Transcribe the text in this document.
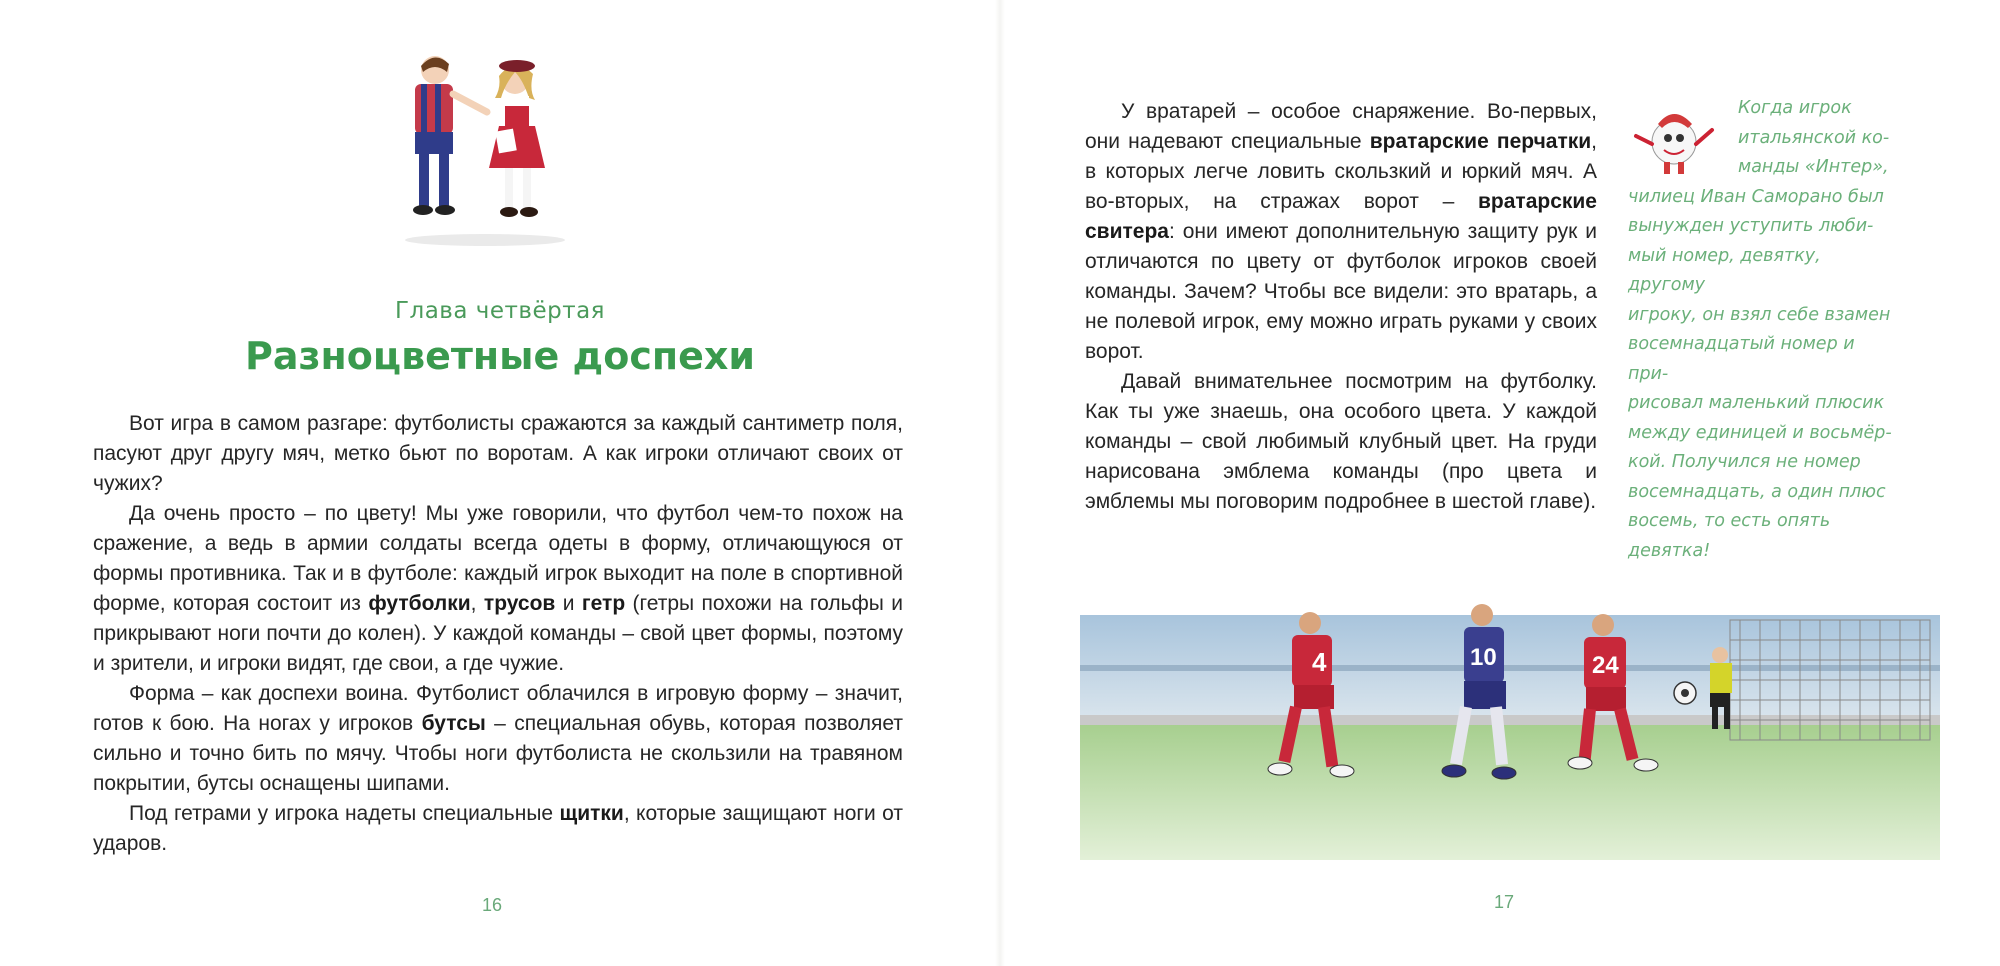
Глава четвёртая
Разноцветные доспехи

Вот игра в самом разгаре: футболисты сражаются за каждый сантиметр поля, пасуют друг другу мяч, метко бьют по воротам. А как игроки отличают своих от чужих?

Да очень просто – по цвету! Мы уже говорили, что футбол чем-то похож на сражение, а ведь в армии солдаты всегда одеты в форму, отличающуюся от формы противника. Так и в футболе: каждый игрок выходит на поле в спортивной форме, которая состоит из футболки, трусов и гетр (гетры похожи на гольфы и прикрывают ноги почти до колен). У каждой команды – свой цвет формы, поэтому и зрители, и игроки видят, где свои, а где чужие.

Форма – как доспехи воина. Футболист облачился в игровую форму – значит, готов к бою. На ногах у игроков бутсы – специальная обувь, которая позволяет сильно и точно бить по мячу. Чтобы ноги футболиста не скользили на травяном покрытии, бутсы оснащены шипами.

Под гетрами у игрока надеты специальные щитки, которые защищают ноги от ударов.

16

У вратарей – особое снаряжение. Во-первых, они надевают специальные вратарские перчатки, в которых легче ловить скользкий и юркий мяч. А во-вторых, на стражах ворот – вратарские свитера: они имеют дополнительную защиту рук и отличаются по цвету от футболок игроков своей команды. Зачем? Чтобы все видели: это вратарь, а не полевой игрок, ему можно играть руками у своих ворот.

Давай внимательнее посмотрим на футболку. Как ты уже знаешь, она особого цвета. У каждой команды – свой любимый клубный цвет. На груди нарисована эмблема команды (про цвета и эмблемы мы поговорим подробнее в шестой главе).

Когда игрок
итальянской ко-
манды «Интер»,
чилиец Иван Саморано был
вынужден уступить люби-
мый номер, девятку, другому
игроку, он взял себе взамен
восемнадцатый номер и при-
рисовал маленький плюсик
между единицей и восьмёр-
кой. Получился не номер
восемнадцать, а один плюс
восемь, то есть опять
девятка!
4	10	24
17
